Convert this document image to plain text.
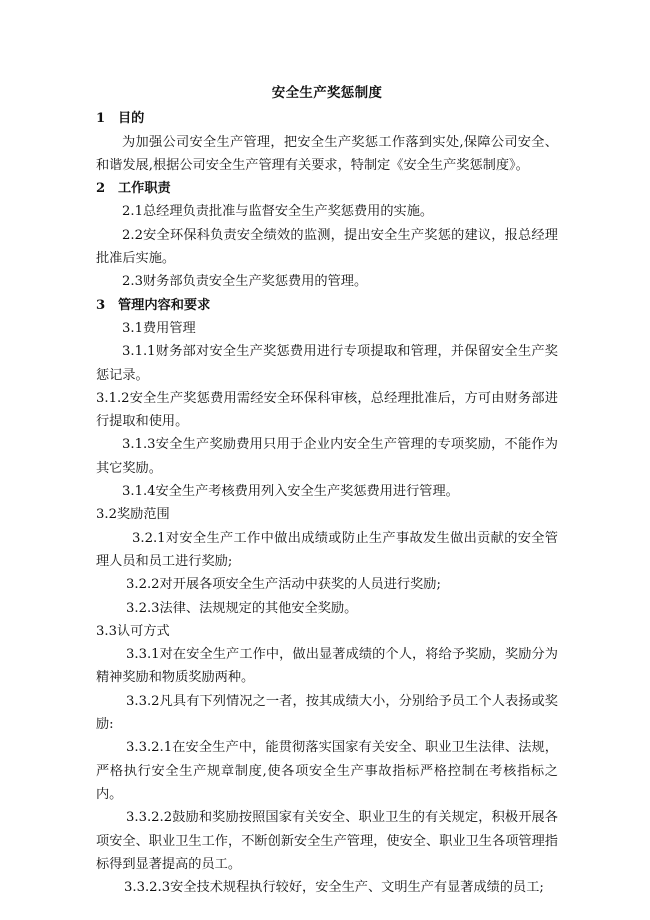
安全生产奖惩制度

1 目的

为加强公司安全生产管理，把安全生产奖惩工作落到实处,保障公司安全、和谐发展,根据公司安全生产管理有关要求，特制定《安全生产奖惩制度》。

2 工作职责

2.1总经理负责批准与监督安全生产奖惩费用的实施。

2.2安全环保科负责安全绩效的监测，提出安全生产奖惩的建议，报总经理批准后实施。

2.3财务部负责安全生产奖惩费用的管理。

3 管理内容和要求

3.1费用管理

3.1.1财务部对安全生产奖惩费用进行专项提取和管理，并保留安全生产奖惩记录。

3.1.2安全生产奖惩费用需经安全环保科审核，总经理批准后，方可由财务部进行提取和使用。

3.1.3安全生产奖励费用只用于企业内安全生产管理的专项奖励，不能作为其它奖励。

3.1.4安全生产考核费用列入安全生产奖惩费用进行管理。

3.2奖励范围

3.2.1对安全生产工作中做出成绩或防止生产事故发生做出贡献的安全管理人员和员工进行奖励;

3.2.2对开展各项安全生产活动中获奖的人员进行奖励;

3.2.3法律、法规规定的其他安全奖励。

3.3认可方式

3.3.1对在安全生产工作中，做出显著成绩的个人，将给予奖励，奖励分为精神奖励和物质奖励两种。

3.3.2凡具有下列情况之一者，按其成绩大小，分别给予员工个人表扬或奖励:

3.3.2.1在安全生产中，能贯彻落实国家有关安全、职业卫生法律、法规，严格执行安全生产规章制度,使各项安全生产事故指标严格控制在考核指标之内。

3.3.2.2鼓励和奖励按照国家有关安全、职业卫生的有关规定，积极开展各项安全、职业卫生工作，不断创新安全生产管理，使安全、职业卫生各项管理指标得到显著提高的员工。

3.3.2.3安全技术规程执行较好，安全生产、文明生产有显著成绩的员工;
